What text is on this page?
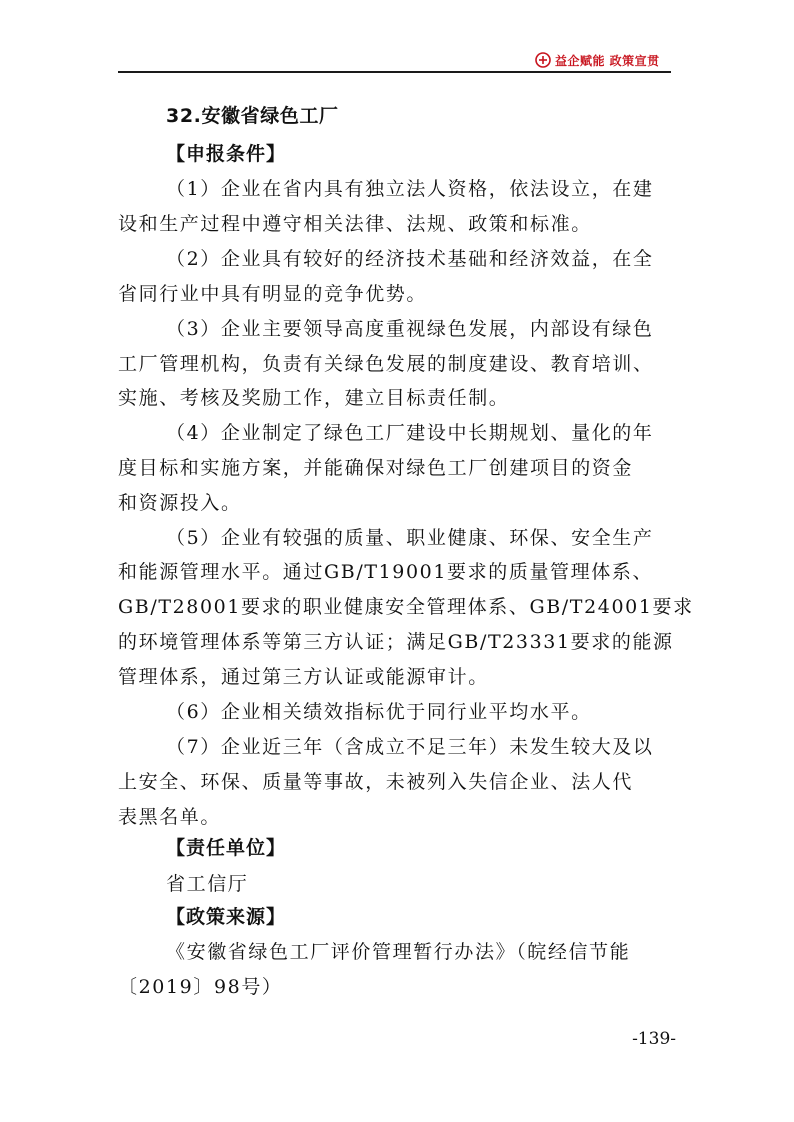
益企赋能 政策宣贯
32.安徽省绿色工厂
【申报条件】
（1）企业在省内具有独立法人资格，依法设立，在建
设和生产过程中遵守相关法律、法规、政策和标准。
（2）企业具有较好的经济技术基础和经济效益，在全
省同行业中具有明显的竞争优势。
（3）企业主要领导高度重视绿色发展，内部设有绿色
工厂管理机构，负责有关绿色发展的制度建设、教育培训、
实施、考核及奖励工作，建立目标责任制。
（4）企业制定了绿色工厂建设中长期规划、量化的年
度目标和实施方案，并能确保对绿色工厂创建项目的资金
和资源投入。
（5）企业有较强的质量、职业健康、环保、安全生产
和能源管理水平。通过GB/T19001要求的质量管理体系、
GB/T28001要求的职业健康安全管理体系、GB/T24001要求
的环境管理体系等第三方认证；满足GB/T23331要求的能源
管理体系，通过第三方认证或能源审计。
（6）企业相关绩效指标优于同行业平均水平。
（7）企业近三年（含成立不足三年）未发生较大及以
上安全、环保、质量等事故，未被列入失信企业、法人代
表黑名单。
【责任单位】
省工信厅
【政策来源】
《安徽省绿色工厂评价管理暂行办法》（皖经信节能
〔2019〕98号）
-139-
